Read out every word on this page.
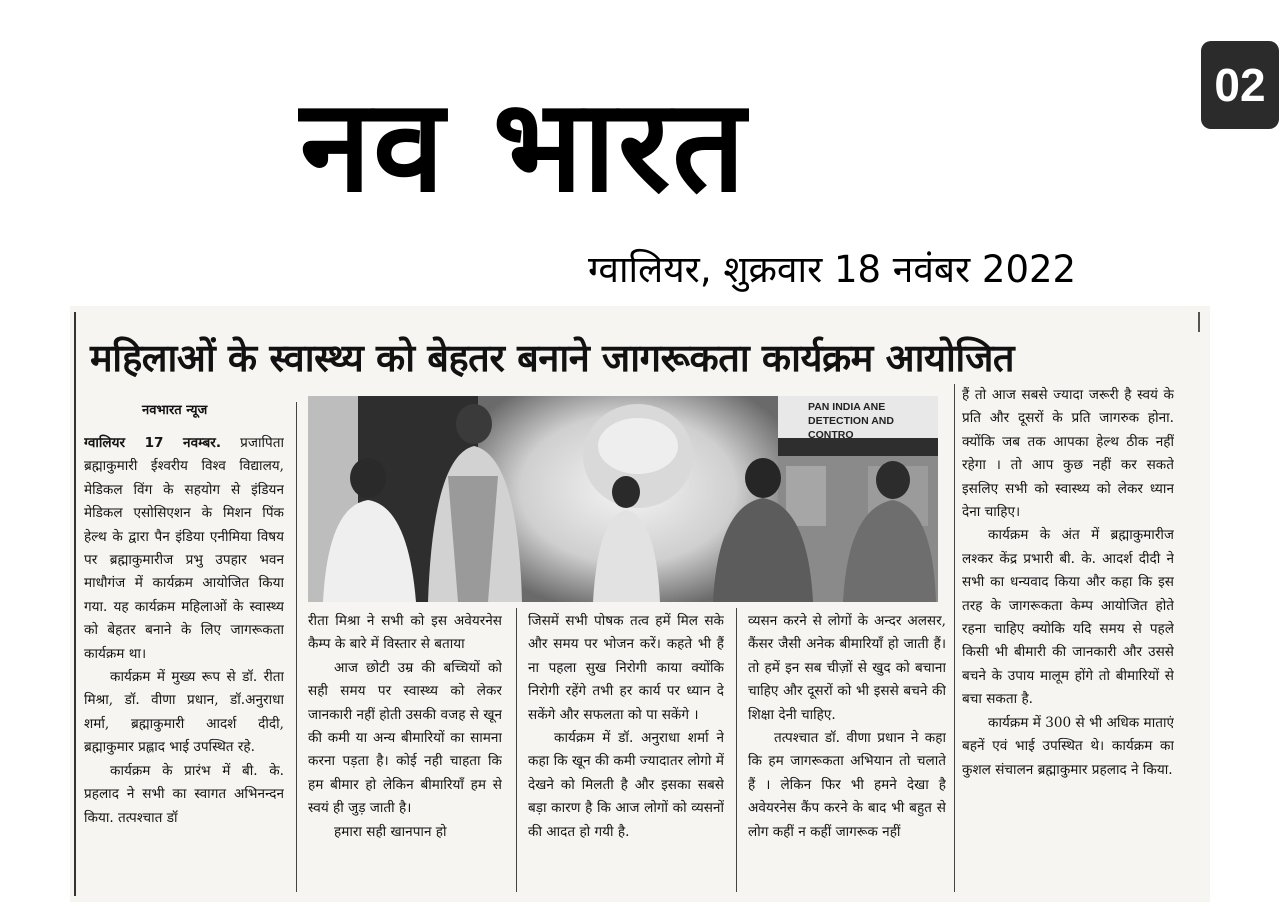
02
नव भारत
ग्वालियर, शुक्रवार 18 नवंबर 2022
महिलाओं के स्वास्थ्य को बेहतर बनाने जागरूकता कार्यक्रम आयोजित
नवभारत न्यूज	PAN INDIA ANE
DETECTION AND CONTRO

ग्वालियर 17 नवम्बर. प्रजापिता ब्रह्माकुमारी ईश्वरीय विश्व विद्यालय, मेडिकल विंग के सहयोग से इंडियन मेडिकल एसोसिएशन के मिशन पिंक हेल्थ के द्वारा पैन इंडिया एनीमिया विषय पर ब्रह्माकुमारीज प्रभु उपहार भवन माधौगंज में कार्यक्रम आयोजित किया गया. यह कार्यक्रम महिलाओं के स्वास्थ्य को बेहतर बनाने के लिए जागरूकता कार्यक्रम था।

कार्यक्रम में मुख्य रूप से डॉ. रीता मिश्रा, डॉ. वीणा प्रधान, डॉ.अनुराधा शर्मा, ब्रह्माकुमारी आदर्श दीदी, ब्रह्माकुमार प्रह्लाद भाई उपस्थित रहे.

कार्यक्रम के प्रारंभ में बी. के. प्रहलाद ने सभी का स्वागत अभिनन्दन किया. तत्पश्चात डॉ

रीता मिश्रा ने सभी को इस अवेयरनेस कैम्प के बारे में विस्तार से बताया

आज छोटी उम्र की बच्चियों को सही समय पर स्वास्थ्य को लेकर जानकारी नहीं होती उसकी वजह से खून की कमी या अन्य बीमारियों का सामना करना पड़ता है। कोई नही चाहता कि हम बीमार हो लेकिन बीमारियाँ हम से स्वयं ही जुड़ जाती है।

हमारा सही खानपान हो

जिसमें सभी पोषक तत्व हमें मिल सके और समय पर भोजन करें। कहते भी हैं ना पहला सुख निरोगी काया क्योंकि निरोगी रहेंगे तभी हर कार्य पर ध्यान दे सकेंगे और सफलता को पा सकेंगे ।

कार्यक्रम में डॉ. अनुराधा शर्मा ने कहा कि खून की कमी ज्यादातर लोगो में देखने को मिलती है और इसका सबसे बड़ा कारण है कि आज लोगों को व्यसनों की आदत हो गयी है.

व्यसन करने से लोगों के अन्दर अलसर, कैंसर जैसी अनेक बीमारियाँ हो जाती हैं। तो हमें इन सब चीज़ों से खुद को बचाना चाहिए और दूसरों को भी इससे बचने की शिक्षा देनी चाहिए.

तत्पश्चात डॉ. वीणा प्रधान ने कहा कि हम जागरूकता अभियान तो चलाते हैं । लेकिन फिर भी हमने देखा है अवेयरनेस कैंप करने के बाद भी बहुत से लोग कहीं न कहीं जागरूक नहीं

हैं तो आज सबसे ज्यादा जरूरी है स्वयं के प्रति और दूसरों के प्रति जागरुक होना. क्योंकि जब तक आपका हेल्थ ठीक नहीं रहेगा । तो आप कुछ नहीं कर सकते इसलिए सभी को स्वास्थ्य को लेकर ध्यान देना चाहिए।

कार्यक्रम के अंत में ब्रह्माकुमारीज लश्कर केंद्र प्रभारी बी. के. आदर्श दीदी ने सभी का धन्यवाद किया और कहा कि इस तरह के जागरूकता केम्प आयोजित होते रहना चाहिए क्योकि यदि समय से पहले किसी भी बीमारी की जानकारी और उससे बचने के उपाय मालूम होंगे तो बीमारियों से बचा सकता है.

कार्यक्रम में 300 से भी अधिक माताएं बहनें एवं भाई उपस्थित थे। कार्यक्रम का कुशल संचालन ब्रह्माकुमार प्रहलाद ने किया.
